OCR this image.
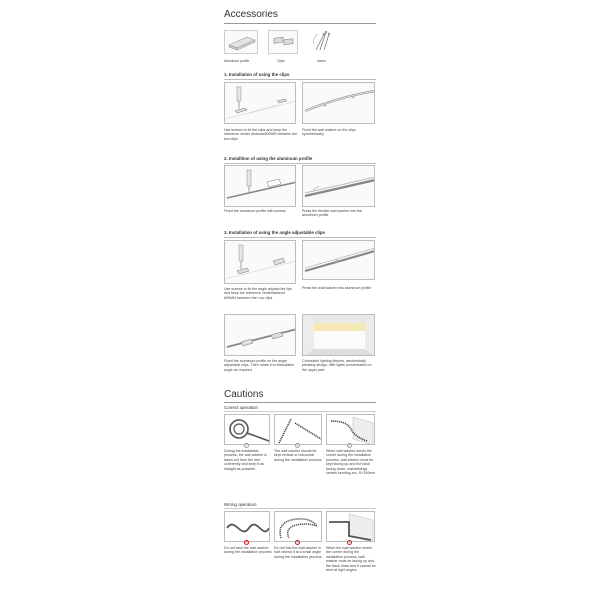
Accessories
Aluminum profile	Clips	screw
1. Installation of using the clips
Use screws to fix the clips and keep the reference center distance600MM between the two clips
Fixed the wall washer on the clips symmetrically
2. Installtion of using the aluminum profile
Fixed the aluminum profile with screws	Press the flexible wall washer into the aluminum profile
3. Installation of using the angle adjustable clips
Use screws to fix the angle adjusta ble lips and keep the reference centerdistance 600MM between the t wo clips
Press the wall washer into aluminum profile
Fixed the aluminum profile on the angle adjustable clips. Then rotate it to thesuitable angle as required
Concealed lighting fixtures, aesthetically pleasing design, with lights concentrated on the upper part
Cautions
Correct operation
✓	✓	✓
During the installation process, the wall washer is taken out from the reel coherently and keep it as straight as possible.
The wall washer should be kept vertical or horizontal during the installation process
When wall washer meets the corner during the installation process, wall washer must be kept facing up and the back facing down, maintainings certain bending arc, R>150mm
Wrong operation
✕	✕	✕
Do not twist the wall washer during the installation process
Do not fold the wall washer in half orbend it at a small angle during the installation process
When the wall washer meets the corner during the installation process, wall washer must be facing up and the back down,and it cannot be bent at right angles
